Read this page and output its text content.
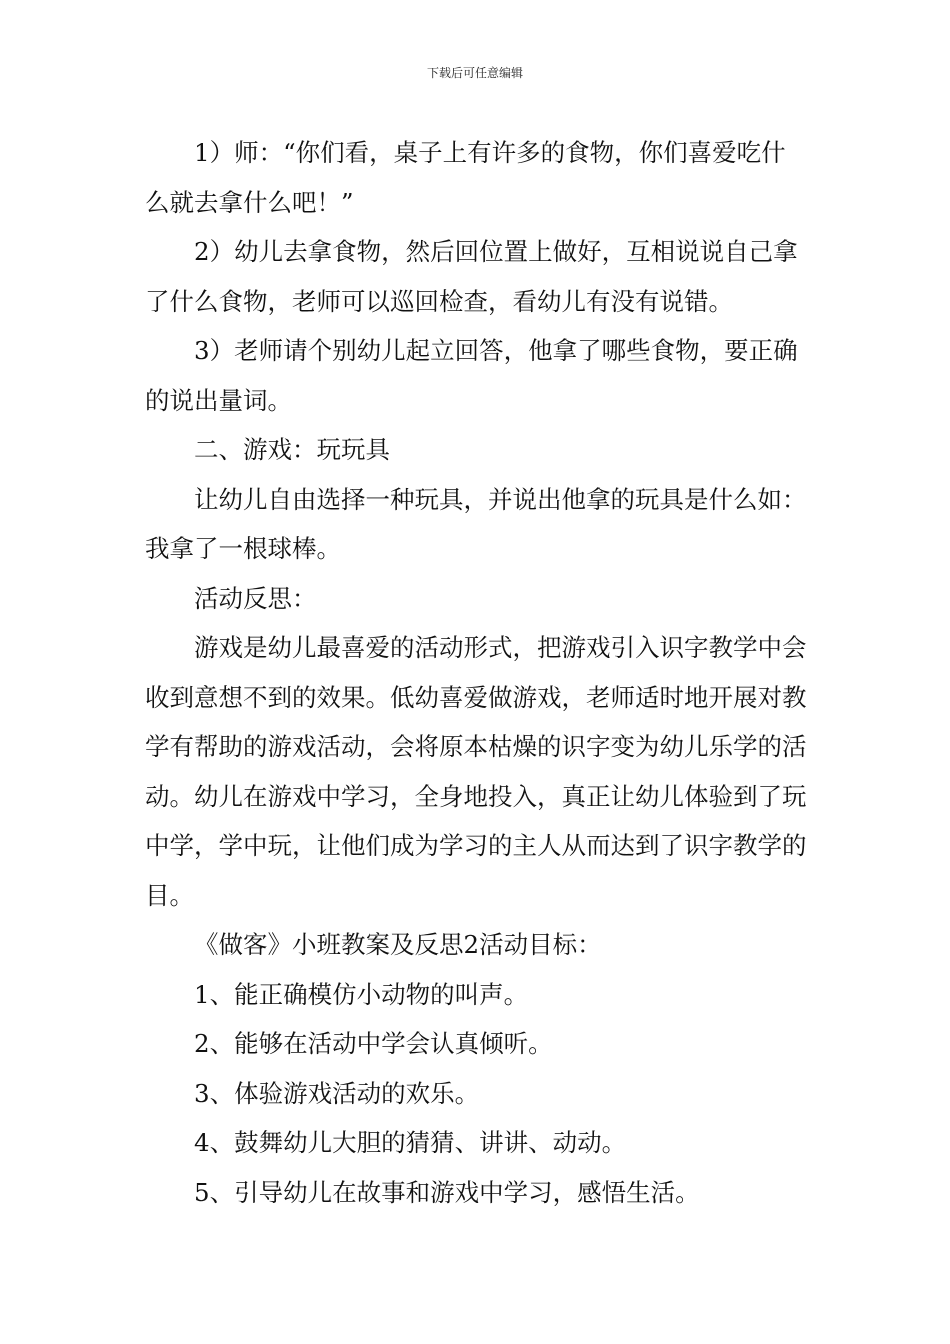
下载后可任意编辑

1）师：“你们看，桌子上有许多的食物，你们喜爱吃什么就去拿什么吧！”

2）幼儿去拿食物，然后回位置上做好，互相说说自己拿了什么食物，老师可以巡回检查，看幼儿有没有说错。

3）老师请个别幼儿起立回答，他拿了哪些食物，要正确的说出量词。

二、游戏：玩玩具

让幼儿自由选择一种玩具，并说出他拿的玩具是什么如：我拿了一根球棒。

活动反思：

游戏是幼儿最喜爱的活动形式，把游戏引入识字教学中会收到意想不到的效果。低幼喜爱做游戏，老师适时地开展对教学有帮助的游戏活动，会将原本枯燥的识字变为幼儿乐学的活动。幼儿在游戏中学习，全身地投入，真正让幼儿体验到了玩中学，学中玩，让他们成为学习的主人从而达到了识字教学的目。

《做客》小班教案及反思2活动目标：

1、能正确模仿小动物的叫声。

2、能够在活动中学会认真倾听。

3、体验游戏活动的欢乐。

4、鼓舞幼儿大胆的猜猜、讲讲、动动。

5、引导幼儿在故事和游戏中学习，感悟生活。
